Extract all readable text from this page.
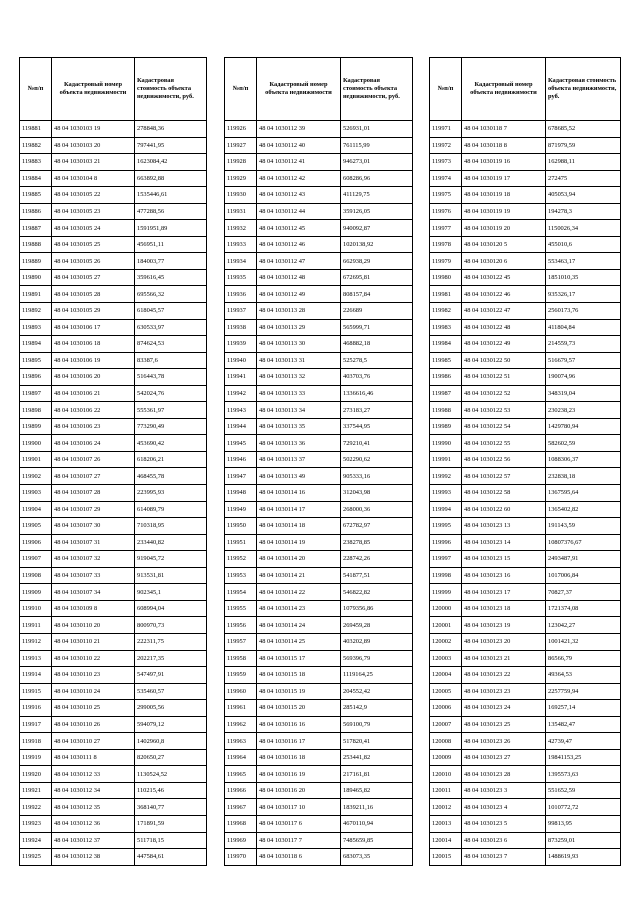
№п/п	Кадастровый номер объекта недвижимости	Кадастровая стоимость объекта недвижимости, руб.
119881	48 04 1030103 19	278848,36
119882	48 04 1030103 20	797441,95
119883	48 04 1030103 21	1623084,42
119884	48 04 1030104 8	663892,88
119885	48 04 1030105 22	1535446,61
119886	48 04 1030105 23	477288,56
119887	48 04 1030105 24	1591951,89
119888	48 04 1030105 25	456951,11
119889	48 04 1030105 26	184003,77
119890	48 04 1030105 27	359616,45
119891	48 04 1030105 28	695566,32
119892	48 04 1030105 29	618045,57
119893	48 04 1030106 17	630533,97
119894	48 04 1030106 18	874624,53
119895	48 04 1030106 19	83387,6
119896	48 04 1030106 20	516443,78
119897	48 04 1030106 21	542024,76
119898	48 04 1030106 22	555361,97
119899	48 04 1030106 23	773290,49
119900	48 04 1030106 24	453690,42
119901	48 04 1030107 26	618206,21
119902	48 04 1030107 27	468455,78
119903	48 04 1030107 28	223995,93
119904	48 04 1030107 29	614089,79
119905	48 04 1030107 30	710318,95
119906	48 04 1030107 31	233440,82
119907	48 04 1030107 32	919045,72
119908	48 04 1030107 33	913531,81
119909	48 04 1030107 34	902345,1
119910	48 04 1030109 8	608994,04
119911	48 04 1030110 20	800970,73
119912	48 04 1030110 21	222311,75
119913	48 04 1030110 22	202217,35
119914	48 04 1030110 23	547497,91
119915	48 04 1030110 24	535460,57
119916	48 04 1030110 25	299005,56
119917	48 04 1030110 26	594079,12
119918	48 04 1030110 27	1402960,8
119919	48 04 1030111 8	820650,27
119920	48 04 1030112 33	1130524,52
119921	48 04 1030112 34	110215,46
119922	48 04 1030112 35	368140,77
119923	48 04 1030112 36	171891,59
119924	48 04 1030112 37	511718,15
119925	48 04 1030112 38	447584,61
№п/п	Кадастровый номер объекта недвижимости	Кадастровая стоимость объекта недвижимости, руб.
119926	48 04 1030112 39	526931,01
119927	48 04 1030112 40	761115,99
119928	48 04 1030112 41	946273,01
119929	48 04 1030112 42	608286,96
119930	48 04 1030112 43	411129,75
119931	48 04 1030112 44	359126,05
119932	48 04 1030112 45	940092,87
119933	48 04 1030112 46	1020138,92
119934	48 04 1030112 47	662938,29
119935	48 04 1030112 48	672695,81
119936	48 04 1030112 49	808157,84
119937	48 04 1030113 28	226689
119938	48 04 1030113 29	565999,71
119939	48 04 1030113 30	468882,18
119940	48 04 1030113 31	525278,5
119941	48 04 1030113 32	403703,76
119942	48 04 1030113 33	1336616,46
119943	48 04 1030113 34	273183,27
119944	48 04 1030113 35	337544,95
119945	48 04 1030113 36	729210,41
119946	48 04 1030113 37	502290,62
119947	48 04 1030113 49	905333,16
119948	48 04 1030114 16	312043,98
119949	48 04 1030114 17	268000,36
119950	48 04 1030114 18	672782,97
119951	48 04 1030114 19	238278,85
119952	48 04 1030114 20	228742,26
119953	48 04 1030114 21	541877,51
119954	48 04 1030114 22	546822,82
119955	48 04 1030114 23	1079356,86
119956	48 04 1030114 24	269459,28
119957	48 04 1030114 25	403202,89
119958	48 04 1030115 17	569396,79
119959	48 04 1030115 18	1119164,25
119960	48 04 1030115 19	204552,42
119961	48 04 1030115 20	285142,9
119962	48 04 1030116 16	569100,79
119963	48 04 1030116 17	517820,41
119964	48 04 1030116 18	253441,82
119965	48 04 1030116 19	217161,81
119966	48 04 1030116 20	189465,82
119967	48 04 1030117 10	1839211,16
119968	48 04 1030117 6	4670110,94
119969	48 04 1030117 7	7485659,85
119970	48 04 1030118 6	683073,35
№п/п	Кадастровый номер объекта недвижимости	Кадастровая стоимость объекта недвижимости, руб.
119971	48 04 1030118 7	678685,52
119972	48 04 1030118 8	871979,59
119973	48 04 1030119 16	162988,11
119974	48 04 1030119 17	272475
119975	48 04 1030119 18	405053,94
119976	48 04 1030119 19	194278,3
119977	48 04 1030119 20	1150026,34
119978	48 04 1030120 5	455010,6
119979	48 04 1030120 6	553463,17
119980	48 04 1030122 45	1851010,35
119981	48 04 1030122 46	935326,17
119982	48 04 1030122 47	2560173,76
119983	48 04 1030122 48	411804,84
119984	48 04 1030122 49	214559,73
119985	48 04 1030122 50	516679,57
119986	48 04 1030122 51	190074,96
119987	48 04 1030122 52	348319,04
119988	48 04 1030122 53	230238,23
119989	48 04 1030122 54	1429780,94
119990	48 04 1030122 55	582602,59
119991	48 04 1030122 56	1088306,37
119992	48 04 1030122 57	232838,18
119993	48 04 1030122 58	1367595,64
119994	48 04 1030122 60	1365402,82
119995	48 04 1030123 13	191143,59
119996	48 04 1030123 14	10807376,67
119997	48 04 1030123 15	2493487,91
119998	48 04 1030123 16	1017006,84
119999	48 04 1030123 17	70827,37
120000	48 04 1030123 18	1721374,08
120001	48 04 1030123 19	123042,27
120002	48 04 1030123 20	1001421,32
120003	48 04 1030123 21	86566,79
120004	48 04 1030123 22	49364,53
120005	48 04 1030123 23	2257759,94
120006	48 04 1030123 24	169257,14
120007	48 04 1030123 25	135482,47
120008	48 04 1030123 26	42739,47
120009	48 04 1030123 27	19841153,25
120010	48 04 1030123 28	1395573,63
120011	48 04 1030123 3	551652,59
120012	48 04 1030123 4	1010772,72
120013	48 04 1030123 5	99813,95
120014	48 04 1030123 6	873259,01
120015	48 04 1030123 7	1488619,93
